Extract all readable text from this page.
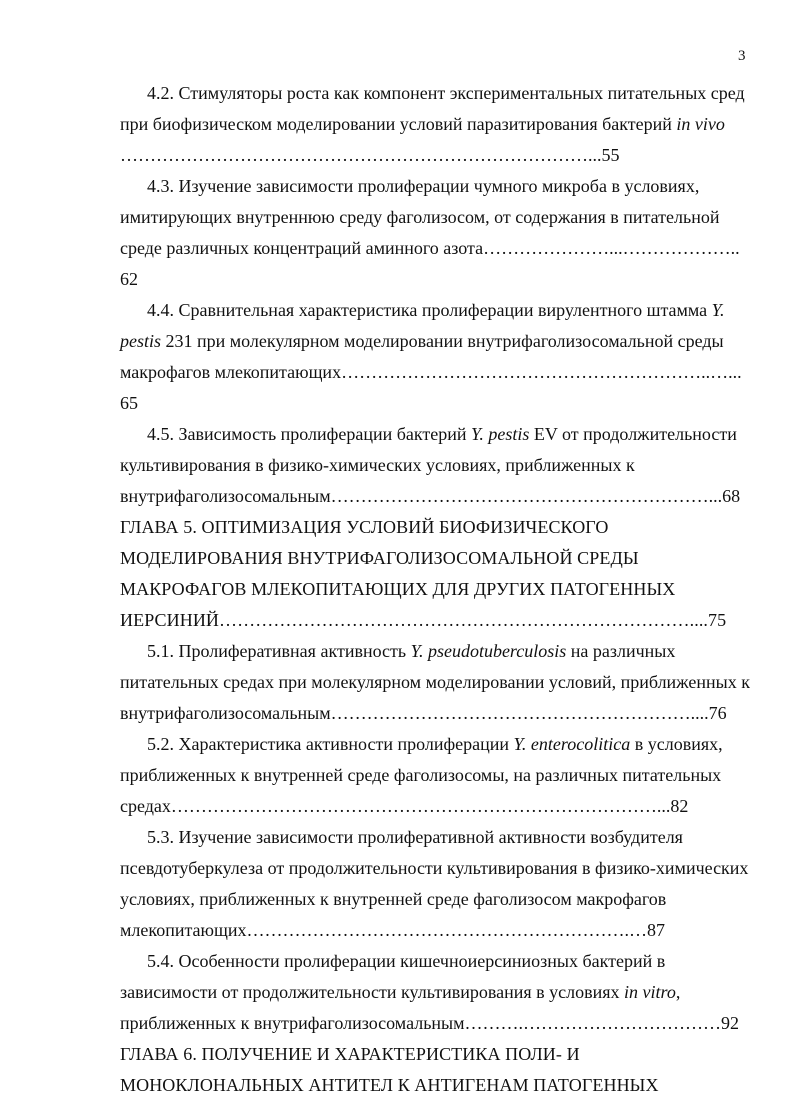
3

4.2. Стимуляторы роста как компонент экспериментальных питательных сред при биофизическом моделировании условий паразитирования бактерий in vivo ……………………………………………………………………...55

4.3. Изучение зависимости пролиферации чумного микроба в условиях, имитирующих внутреннюю среду фаголизосом, от содержания в питательной среде различных концентраций аминного азота…………………...………………..62

4.4. Сравнительная характеристика пролиферации вирулентного штамма Y. pestis 231 при молекулярном моделировании внутрифаголизосомальной среды макрофагов млекопитающих……………………………………………………..…...65

4.5. Зависимость пролиферации бактерий Y. pestis EV от продолжительности культивирования в физико-химических условиях, приближенных к внутрифаголизосомальным………………………………………………………...68

ГЛАВА 5. ОПТИМИЗАЦИЯ УСЛОВИЙ БИОФИЗИЧЕСКОГО МОДЕЛИРОВАНИЯ ВНУТРИФАГОЛИЗОСОМАЛЬНОЙ СРЕДЫ МАКРОФАГОВ МЛЕКОПИТАЮЩИХ ДЛЯ ДРУГИХ ПАТОГЕННЫХ ИЕРСИНИЙ……………………………………………………………………....75

5.1. Пролиферативная активность Y. pseudotuberculosis на различных питательных средах при молекулярном моделировании условий, приближенных к внутрифаголизосомальным……………………………………………………....76

5.2. Характеристика активности пролиферации Y. enterocolitica в условиях, приближенных к внутренней среде фаголизосомы, на различных питательных средах………………………………………………………………………...82

5.3. Изучение зависимости пролиферативной активности возбудителя псевдотуберкулеза от продолжительности культивирования в физико-химических условиях, приближенных к внутренней среде фаголизосом макрофагов млекопитающих……………………………………………………….…87

5.4. Особенности пролиферации кишечноиерсиниозных бактерий в зависимости от продолжительности культивирования в условиях in vitro, приближенных к внутрифаголизосомальным……….……………………………92

ГЛАВА 6. ПОЛУЧЕНИЕ И ХАРАКТЕРИСТИКА ПОЛИ- И МОНОКЛОНАЛЬНЫХ АНТИТЕЛ К АНТИГЕНАМ ПАТОГЕННЫХ
